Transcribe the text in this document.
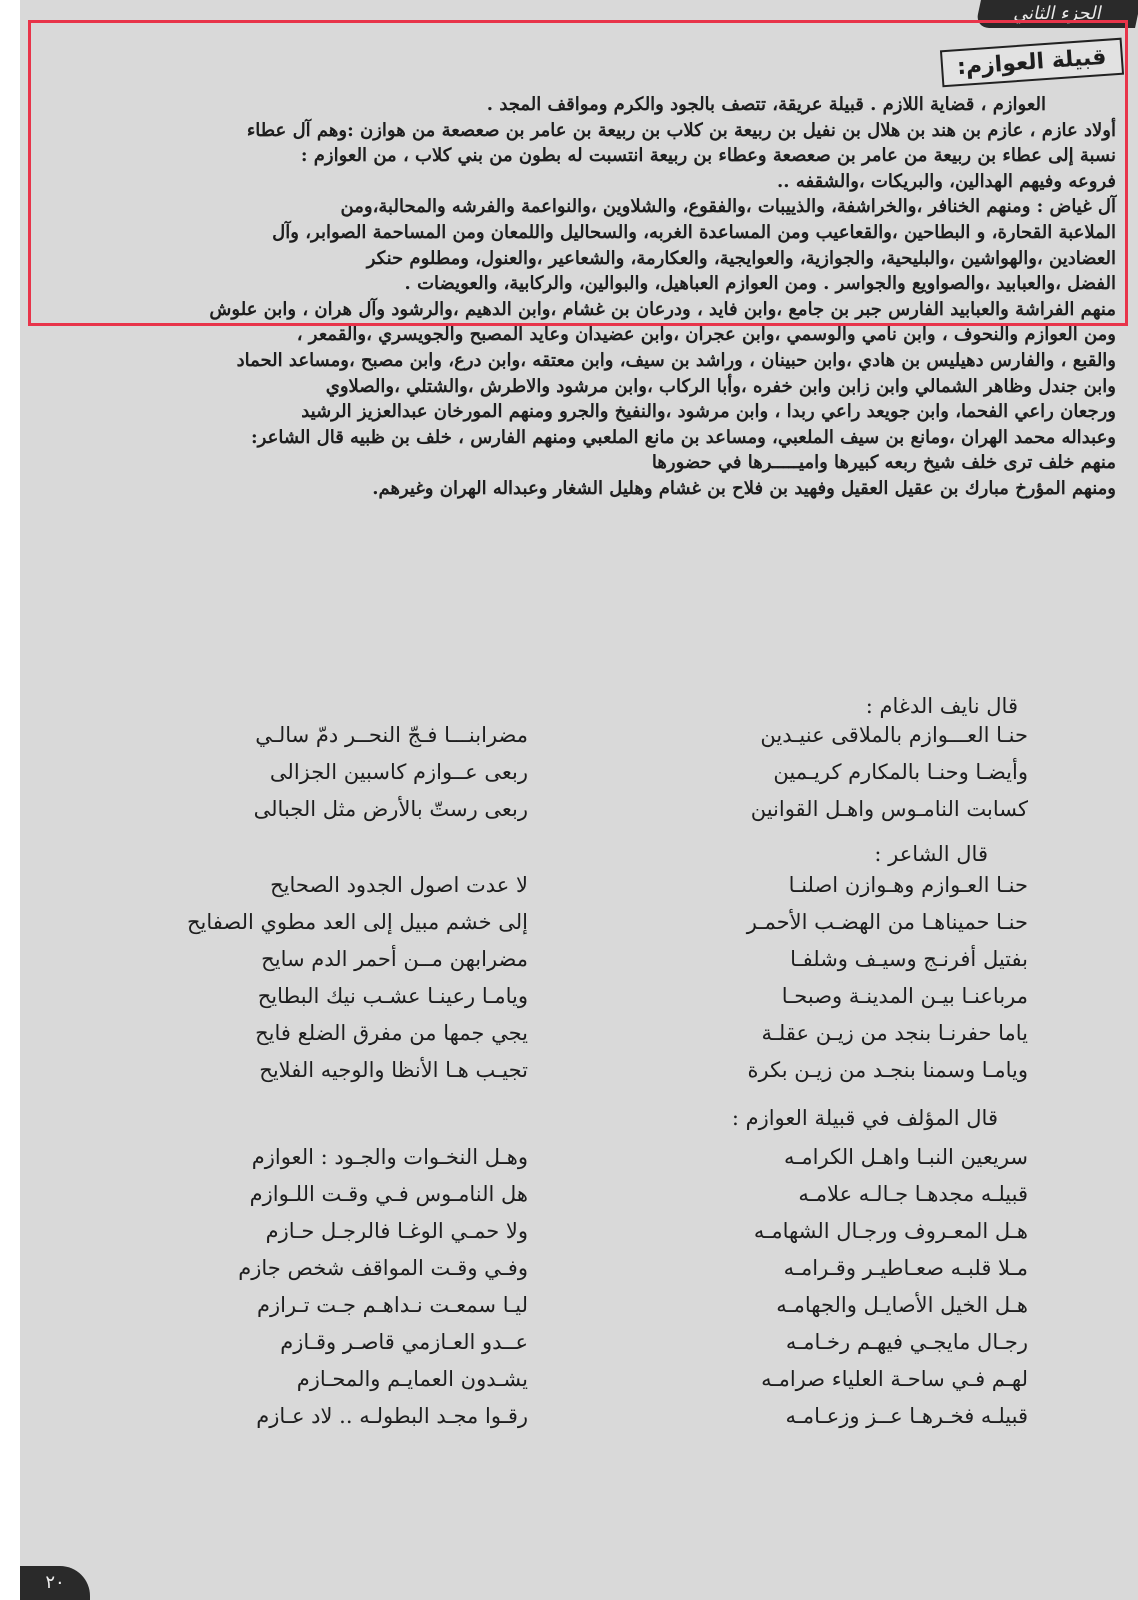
الجزء الثاني
قبيلة العوازم:

العوازم ، قضاية اللازم . قبيلة عريقة، تتصف بالجود والكرم ومواقف المجد .

أولاد عازم ، عازم بن هند بن هلال بن نفيل بن ربيعة بن كلاب بن ربيعة بن عامر بن صعصعة من هوازن :وهم آل عطاء

نسبة إلى عطاء بن ربيعة من عامر بن صعصعة وعطاء بن ربيعة انتسبت له بطون من بني كلاب ، من العوازم :

فروعه وفيهم الهدالين، والبريكات ،والشقفه ..

آل غياض : ومنهم الخنافر ،والخراشفة، والذييبات ،والفقوع، والشلاوين ،والنواعمة والفرشه والمحالبة،ومن

الملاعبة القحارة، و البطاحين ،والقعاعيب ومن المساعدة الغربه، والسحاليل واللمعان ومن المساحمة الصوابر، وآل

العضادين ،والهواشين ،والبليحية، والجوازية، والعوايجية، والعكارمة، والشعاعير ،والعنول، ومطلوم حنكر

الفضل ،والعبابيد ،والصواويع والجواسر . ومن العوازم العباهيل، والبوالين، والركابية، والعويضات .

منهم الفراشة والعبابيد الفارس جبر بن جامع ،وابن فايد ، ودرعان بن غشام ،وابن الدهيم ،والرشود وآل هران ، وابن علوش

ومن العوازم والنحوف ، وابن نامي والوسمي ،وابن عجران ،وابن عضيدان وعايد المصبح والجويسري ،والقمعر ،

والقبع ، والفارس دهيليس بن هادي ،وابن حبينان ، وراشد بن سيف، وابن معتقه ،وابن درع، وابن مصبح ،ومساعد الحماد

وابن جندل وظاهر الشمالي وابن زابن وابن خفره ،وأبا الركاب ،وابن مرشود والاطرش ،والشتلي ،والصلاوي

ورجعان راعي الفحما، وابن جويعد راعي ربدا ، وابن مرشود ،والنفيخ والجرو ومنهم المورخان عبدالعزيز الرشيد

وعبداله محمد الهران ،ومانع بن سيف الملعبي، ومساعد بن مانع الملعبي ومنهم الفارس ، خلف بن ظبيه قال الشاعر:

منهم خلف ترى خلف شيخ ربعه كبيرها واميـــــرها في حضورها

ومنهم المؤرخ مبارك بن عقيل العقيل وفهيد بن فلاح بن غشام وهليل الشغار وعبداله الهران وغيرهم.

قال نايف الدغام :
حنـا العـــوازم بالملاقى عنيـدين
مضرابنـــا فـجّ النحــر دمّ سالـي
وأيضـا وحنـا بالمكارم كريـمين
ربعى عــوازم كاسبين الجزالى
كسابت النامـوس واهـل القوانين
ربعى رستّ بالأرض مثل الجبالى
قال الشاعر :
حنـا العـوازم وهـوازن اصلنـا
لا عدت اصول الجدود الصحايح
حنـا حميناهـا من الهضـب الأحمـر
إلى خشم مبيل إلى العد مطوي الصفايح
بفتيل أفرنـج وسيـف وشلفـا
مضرابهن مــن أحمر الدم سايح
مرباعنـا بيـن المدينـة وصبحـا
ويامـا رعينـا عشـب نيك البطايح
ياما حفرنـا بنجد من زيـن عقلـة
يجي جمها من مفرق الضلع فايح
ويامـا وسمنا بنجـد من زيـن بكرة
تجيـب هـا الأنظا والوجيه الفلايح
قال المؤلف في قبيلة العوازم :
سريعين النبـا واهـل الكرامـه
وهـل النخـوات والجـود : العوازم
قبيلـه مجدهـا جـالـه علامـه
هل النامـوس فـي وقـت اللـوازم
هـل المعـروف ورجـال الشهامـه
ولا حمـي الوغـا فالرجـل حـازم
مـلا قلبـه صعـاطيـر وقـرامـه
وفـي وقـت المواقف شخص جازم
هـل الخيل الأصايـل والجهامـه
ليـا سمعـت نـداهـم جـت تـرازم
رجـال مايجـي فيهـم رخـامـه
عــدو العـازمي قاصـر وقـازم
لهـم فـي ساحـة العلياء صرامـه
يشـدون العمايـم والمحـازم
قبيلـه فخـرهـا عــز وزعـامـه
رقـوا مجـد البطولـه .. لاد عـازم
٢٠
